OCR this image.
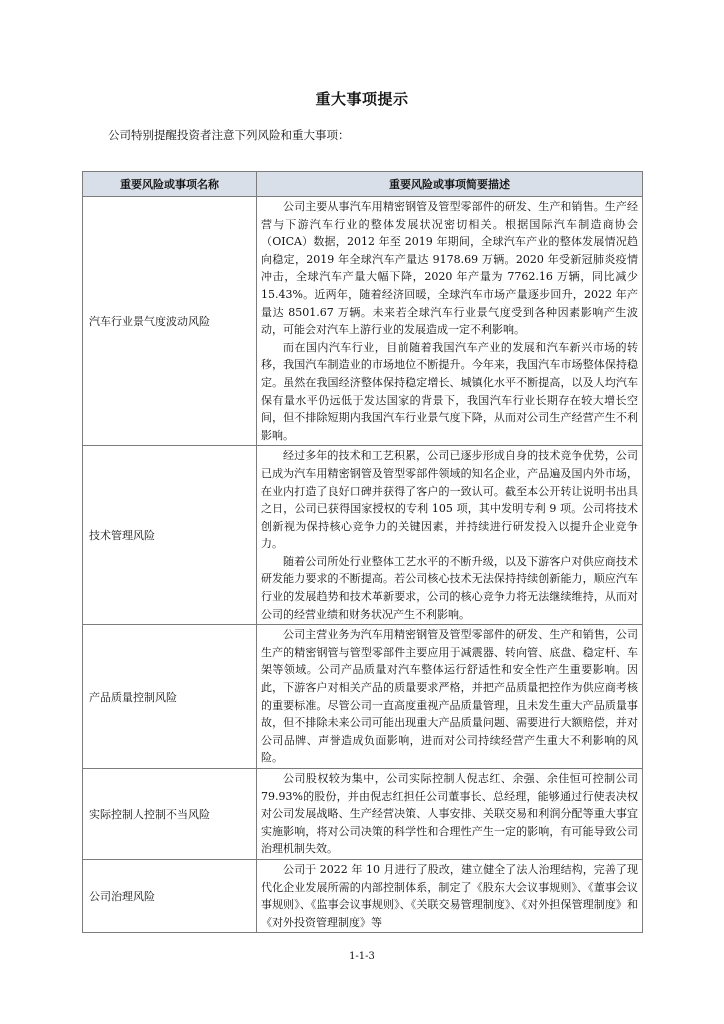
重大事项提示
公司特别提醒投资者注意下列风险和重大事项：
重要风险或事项名称	重要风险或事项简要描述
汽车行业景气度波动风险	公司主要从事汽车用精密钢管及管型零部件的研发、生产和销售。生产经营与下游汽车行业的整体发展状况密切相关。根据国际汽车制造商协会（OICA）数据，2012 年至 2019 年期间，全球汽车产业的整体发展情况趋向稳定，2019 年全球汽车产量达 9178.69 万辆。2020 年受新冠肺炎疫情冲击，全球汽车产量大幅下降，2020 年产量为 7762.16 万辆，同比减少 15.43%。近两年，随着经济回暖，全球汽车市场产量逐步回升，2022 年产量达 8501.67 万辆。未来若全球汽车行业景气度受到各种因素影响产生波动，可能会对汽车上游行业的发展造成一定不利影响。

而在国内汽车行业，目前随着我国汽车产业的发展和汽车新兴市场的转移，我国汽车制造业的市场地位不断提升。今年来，我国汽车市场整体保持稳定。虽然在我国经济整体保持稳定增长、城镇化水平不断提高，以及人均汽车保有量水平仍远低于发达国家的背景下，我国汽车行业长期存在较大增长空间，但不排除短期内我国汽车行业景气度下降，从而对公司生产经营产生不利影响。

技术管理风险	经过多年的技术和工艺积累，公司已逐步形成自身的技术竞争优势，公司已成为汽车用精密钢管及管型零部件领域的知名企业，产品遍及国内外市场，在业内打造了良好口碑并获得了客户的一致认可。截至本公开转让说明书出具之日，公司已获得国家授权的专利 105 项，其中发明专利 9 项。公司将技术创新视为保持核心竞争力的关键因素，并持续进行研发投入以提升企业竞争力。

随着公司所处行业整体工艺水平的不断升级，以及下游客户对供应商技术研发能力要求的不断提高。若公司核心技术无法保持持续创新能力，顺应汽车行业的发展趋势和技术革新要求，公司的核心竞争力将无法继续维持，从而对公司的经营业绩和财务状况产生不利影响。

产品质量控制风险	公司主营业务为汽车用精密钢管及管型零部件的研发、生产和销售，公司生产的精密钢管与管型零部件主要应用于减震器、转向管、底盘、稳定杆、车架等领域。公司产品质量对汽车整体运行舒适性和安全性产生重要影响。因此，下游客户对相关产品的质量要求严格，并把产品质量把控作为供应商考核的重要标准。尽管公司一直高度重视产品质量管理，且未发生重大产品质量事故，但不排除未来公司可能出现重大产品质量问题、需要进行大额赔偿，并对公司品牌、声誉造成负面影响，进而对公司持续经营产生重大不利影响的风险。

实际控制人控制不当风险	公司股权较为集中，公司实际控制人倪志红、余强、余佳恒可控制公司 79.93%的股份，并由倪志红担任公司董事长、总经理，能够通过行使表决权对公司发展战略、生产经营决策、人事安排、关联交易和利润分配等重大事宜实施影响，将对公司决策的科学性和合理性产生一定的影响，有可能导致公司治理机制失效。

公司治理风险	公司于 2022 年 10 月进行了股改，建立健全了法人治理结构，完善了现代化企业发展所需的内部控制体系，制定了《股东大会议事规则》、《董事会议事规则》、《监事会议事规则》、《关联交易管理制度》、《对外担保管理制度》和《对外投资管理制度》等

1-1-3
